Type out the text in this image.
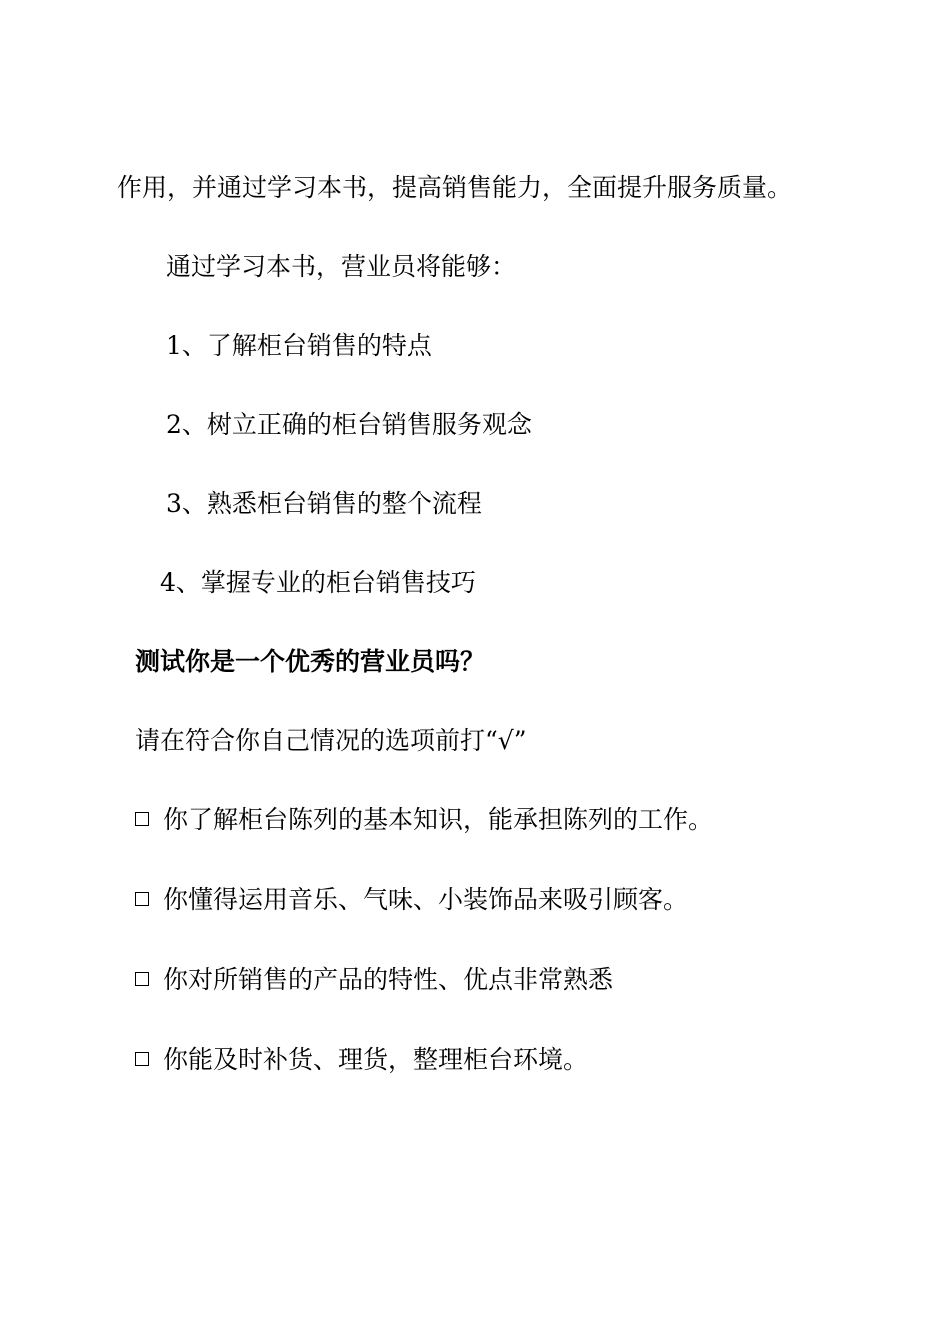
作用，并通过学习本书，提高销售能力，全面提升服务质量。
通过学习本书，营业员将能够：
1、了解柜台销售的特点
2、树立正确的柜台销售服务观念
3、熟悉柜台销售的整个流程
4、掌握专业的柜台销售技巧
测试你是一个优秀的营业员吗？
请在符合你自己情况的选项前打“√”
你了解柜台陈列的基本知识，能承担陈列的工作。
你懂得运用音乐、气味、小装饰品来吸引顾客。
你对所销售的产品的特性、优点非常熟悉
你能及时补货、理货，整理柜台环境。
